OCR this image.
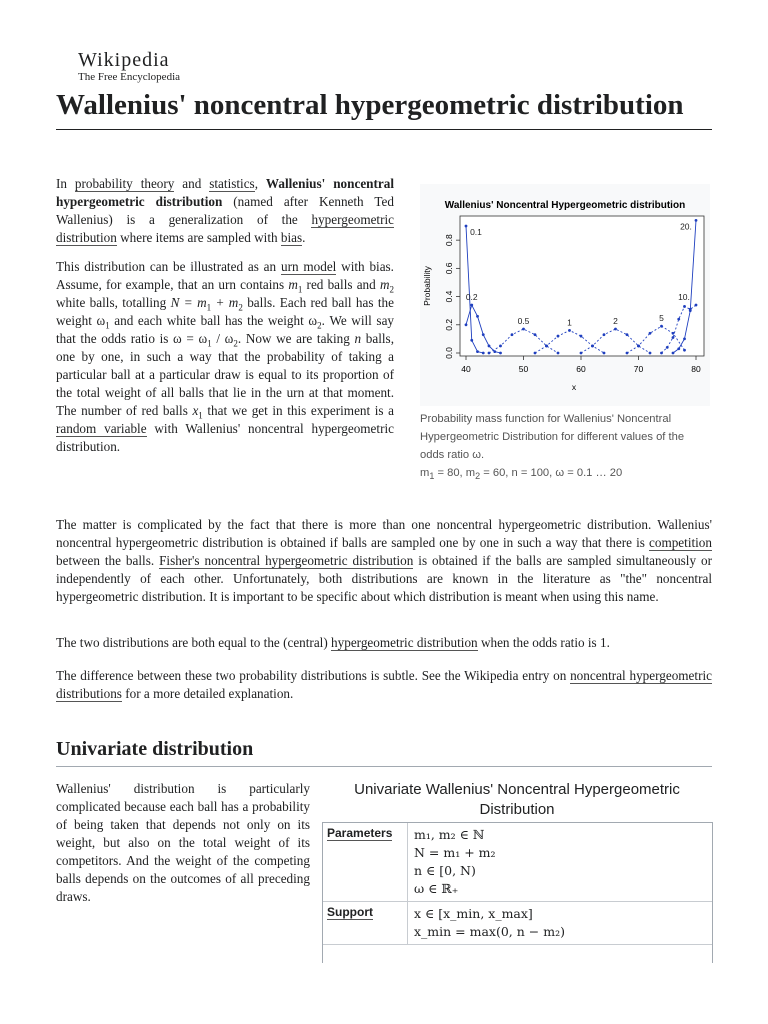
Wikipedia
The Free Encyclopedia
Wallenius' noncentral hypergeometric distribution

In probability theory and statistics, Wallenius' noncentral hypergeometric distribution (named after Kenneth Ted Wallenius) is a generalization of the hypergeometric distribution where items are sampled with bias.

This distribution can be illustrated as an urn model with bias. Assume, for example, that an urn contains $m_1$ red balls and $m_2$ white balls, totalling $N = m_1 + m_2$ balls. Each red ball has the weight $\omega_1$ and each white ball has the weight $\omega_2$. We will say that the odds ratio is $\omega = \omega_1 / \omega_2$. Now we are taking n balls, one by one, in such a way that the probability of taking a particular ball at a particular draw is equal to its proportion of the total weight of all balls that lie in the urn at that moment. The number of red balls $x_1$ that we get in this experiment is a random variable with Wallenius' noncentral hypergeometric distribution.

Wallenius' Noncentral Hypergeometric distribution
40	50	60	70	80
0.0
0.2
0.4
0.6
0.8
x
Probability
0.1
0.2
0.5	1	2	5
10.
20.
Probability mass function for Wallenius' Noncentral Hypergeometric Distribution for different values of the odds ratio ω.
$m_1 = 80$, $m_2 = 60$, n = 100, ω = 0.1 … 20

The matter is complicated by the fact that there is more than one noncentral hypergeometric distribution. Wallenius' noncentral hypergeometric distribution is obtained if balls are sampled one by one in such a way that there is competition between the balls. Fisher's noncentral hypergeometric distribution is obtained if the balls are sampled simultaneously or independently of each other. Unfortunately, both distributions are known in the literature as "the" noncentral hypergeometric distribution. It is important to be specific about which distribution is meant when using this name.

The two distributions are both equal to the (central) hypergeometric distribution when the odds ratio is 1.

The difference between these two probability distributions is subtle. See the Wikipedia entry on noncentral hypergeometric distributions for a more detailed explanation.

Univariate distribution

Wallenius' distribution is particularly complicated because each ball has a probability of being taken that depends not only on its weight, but also on the total weight of its competitors. And the weight of the competing balls depends on the outcomes of all preceding draws.

Univariate Wallenius' Noncentral Hypergeometric Distribution
Parameters	m₁, m₂ ∈ ℕ
N = m₁ + m₂
n ∈ [0, N)
ω ∈ ℝ₊
Support	x ∈ [x_min, x_max]
x_min = max(0, n − m₂)
